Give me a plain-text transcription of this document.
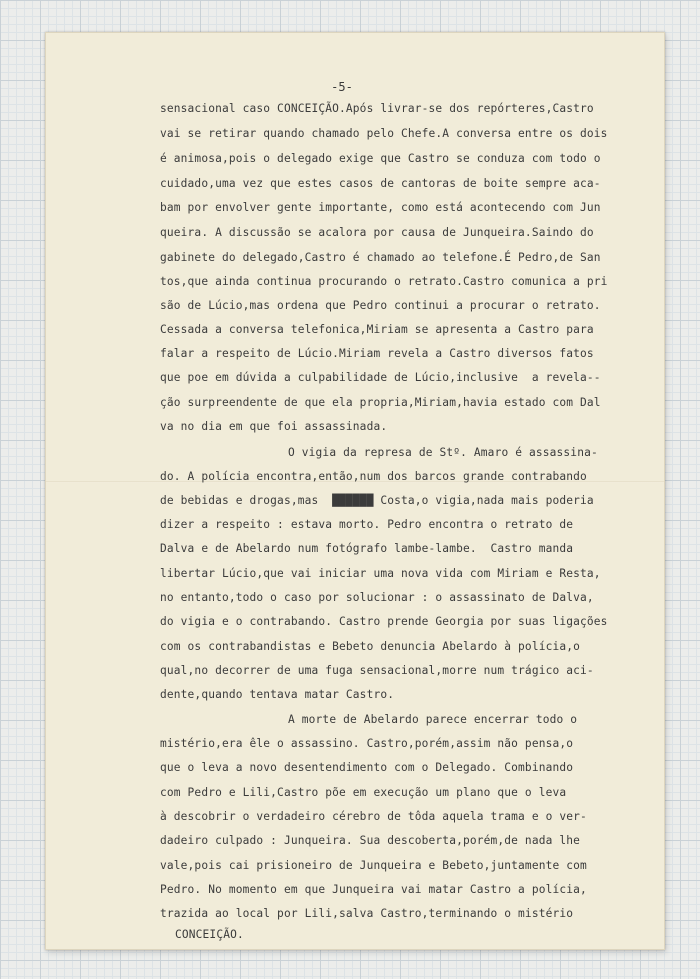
-5-
sensacional caso CONCEIÇÃO.Após livrar-se dos repórteres,Castro
vai se retirar quando chamado pelo Chefe.A conversa entre os dois
é animosa,pois o delegado exige que Castro se conduza com todo o
cuidado,uma vez que estes casos de cantoras de boite sempre aca-
bam por envolver gente importante, como está acontecendo com Jun
queira. A discussão se acalora por causa de Junqueira.Saindo do
gabinete do delegado,Castro é chamado ao telefone.É Pedro,de San
tos,que ainda continua procurando o retrato.Castro comunica a pri
são de Lúcio,mas ordena que Pedro continui a procurar o retrato.
Cessada a conversa telefonica,Miriam se apresenta a Castro para
falar a respeito de Lúcio.Miriam revela a Castro diversos fatos
que poe em dúvida a culpabilidade de Lúcio,inclusive  a revela--
ção surpreendente de que ela propria,Miriam,havia estado com Dal
va no dia em que foi assassinada.
O vigia da represa de Stº. Amaro é assassina-
do. A polícia encontra,então,num dos barcos grande contrabando
de bebidas e drogas,mas  ██████ Costa,o vigia,nada mais poderia
dizer a respeito : estava morto. Pedro encontra o retrato de
Dalva e de Abelardo num fotógrafo lambe-lambe.  Castro manda
libertar Lúcio,que vai iniciar uma nova vida com Miriam e Resta,
no entanto,todo o caso por solucionar : o assassinato de Dalva,
do vigia e o contrabando. Castro prende Georgia por suas ligações
com os contrabandistas e Bebeto denuncia Abelardo à polícia,o
qual,no decorrer de uma fuga sensacional,morre num trágico aci-
dente,quando tentava matar Castro.
A morte de Abelardo parece encerrar todo o
mistério,era êle o assassino. Castro,porém,assim não pensa,o
que o leva a novo desentendimento com o Delegado. Combinando
com Pedro e Lili,Castro põe em execução um plano que o leva
à descobrir o verdadeiro cérebro de tôda aquela trama e o ver-
dadeiro culpado : Junqueira. Sua descoberta,porém,de nada lhe
vale,pois cai prisioneiro de Junqueira e Bebeto,juntamente com
Pedro. No momento em que Junqueira vai matar Castro a polícia,
trazida ao local por Lili,salva Castro,terminando o mistério
CONCEIÇÃO.
